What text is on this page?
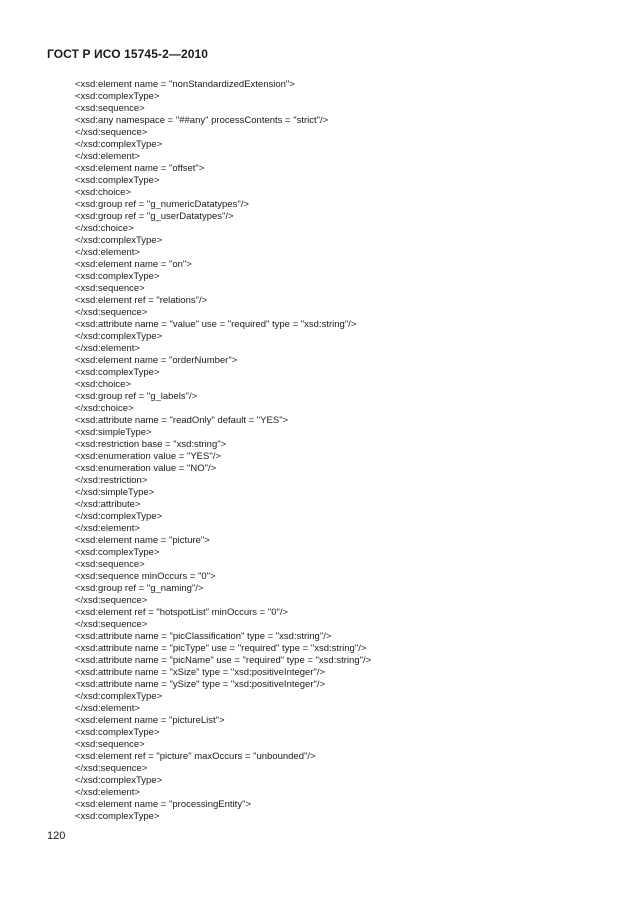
ГОСТ Р ИСО 15745-2—2010
<xsd:element name = "nonStandardizedExtension">
<xsd:complexType>
<xsd:sequence>
<xsd:any namespace = "##any" processContents = "strict"/>
</xsd:sequence>
</xsd:complexType>
</xsd:element>
<xsd:element name = "offset">
<xsd:complexType>
<xsd:choice>
<xsd:group ref = "g_numericDatatypes"/>
<xsd:group ref = "g_userDatatypes"/>
</xsd:choice>
</xsd:complexType>
</xsd:element>
<xsd:element name = "on">
<xsd:complexType>
<xsd:sequence>
<xsd:element ref = "relations"/>
</xsd:sequence>
<xsd:attribute name = "value" use = "required" type = "xsd:string"/>
</xsd:complexType>
</xsd:element>
<xsd:element name = "orderNumber">
<xsd:complexType>
<xsd:choice>
<xsd:group ref = "g_labels"/>
</xsd:choice>
<xsd:attribute name = "readOnly" default = "YES">
<xsd:simpleType>
<xsd:restriction base = "xsd:string">
<xsd:enumeration value = "YES"/>
<xsd:enumeration value = "NO"/>
</xsd:restriction>
</xsd:simpleType>
</xsd:attribute>
</xsd:complexType>
</xsd:element>
<xsd:element name = "picture">
<xsd:complexType>
<xsd:sequence>
<xsd:sequence minOccurs = "0">
<xsd:group ref = "g_naming"/>
</xsd:sequence>
<xsd:element ref = "hotspotList" minOccurs = "0"/>
</xsd:sequence>
<xsd:attribute name = "picClassification" type = "xsd:string"/>
<xsd:attribute name = "picType" use = "required" type = "xsd:string"/>
<xsd:attribute name = "picName" use = "required" type = "xsd:string"/>
<xsd:attribute name = "xSize" type = "xsd:positiveInteger"/>
<xsd:attribute name = "ySize" type = "xsd:positiveInteger"/>
</xsd:complexType>
</xsd:element>
<xsd:element name = "pictureList">
<xsd:complexType>
<xsd:sequence>
<xsd:element ref = "picture" maxOccurs = "unbounded"/>
</xsd:sequence>
</xsd:complexType>
</xsd:element>
<xsd:element name = "processingEntity">
<xsd:complexType>
120
